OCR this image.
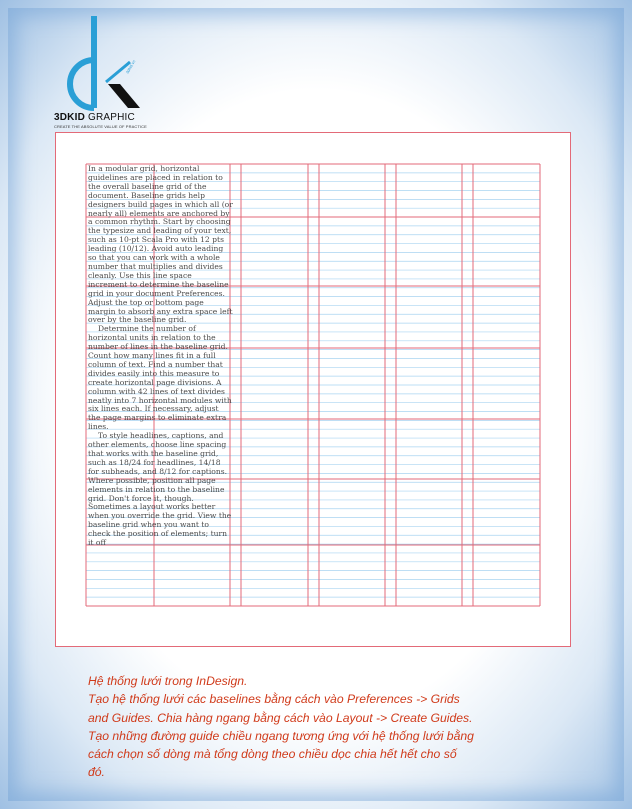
3dkid.vn
3DKID GRAPHIC
CREATE THE ABSOLUTE VALUE OF PRACTICE

In a modular grid, horizontal guidelines are placed in relation to the overall baseline grid of the document. Baseline grids help designers build pages in which all (or nearly all) elements are anchored by a common rhythm. Start by choosing the typesize and leading of your text, such as 10-pt Scala Pro with 12 pts leading (10/12). Avoid auto leading so that you can work with a whole number that multiplies and divides cleanly. Use this line space increment to determine the baseline grid in your document Preferences. Adjust the top or bottom page margin to absorb any extra space left over by the baseline grid.

Determine the number of horizontal units in relation to the number of lines in the baseline grid. Count how many lines fit in a full column of text. Find a number that divides easily into this measure to create horizontal page divisions. A column with 42 lines of text divides neatly into 7 horizontal modules with six lines each. If necessary, adjust the page margins to eliminate extra lines.

To style headlines, captions, and other elements, choose line spacing that works with the baseline grid, such as 18/24 for headlines, 14/18 for subheads, and 8/12 for captions. Where possible, position all page elements in relation to the baseline grid. Don't force it, though. Sometimes a layout works better when you override the grid. View the baseline grid when you want to check the position of elements; turn it off

Hệ thống lưới trong InDesign.
Tạo hệ thống lưới các baselines bằng cách vào Preferences -> Grids
and Guides. Chia hàng ngang bằng cách vào Layout -> Create Guides.
Tạo những đường guide chiều ngang tương ứng với hệ thống lưới bằng
cách chọn số dòng mà tổng dòng theo chiều dọc chia hết hết cho số
đó.
